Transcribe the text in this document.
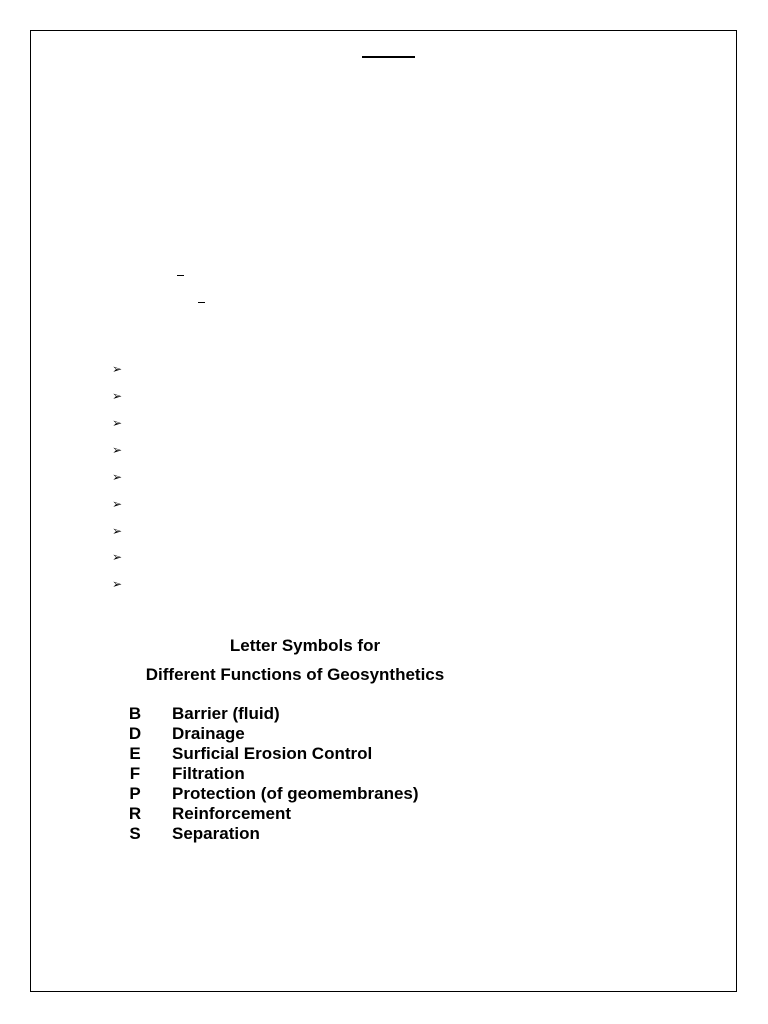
➢
➢
➢
➢
➢
➢
➢
➢
➢
Letter Symbols for
Different Functions of Geosynthetics
B Barrier (fluid)
D Drainage
E	Surficial Erosion Control
F	Filtration
P	Protection (of geomembranes)
R Reinforcement
S	Separation
